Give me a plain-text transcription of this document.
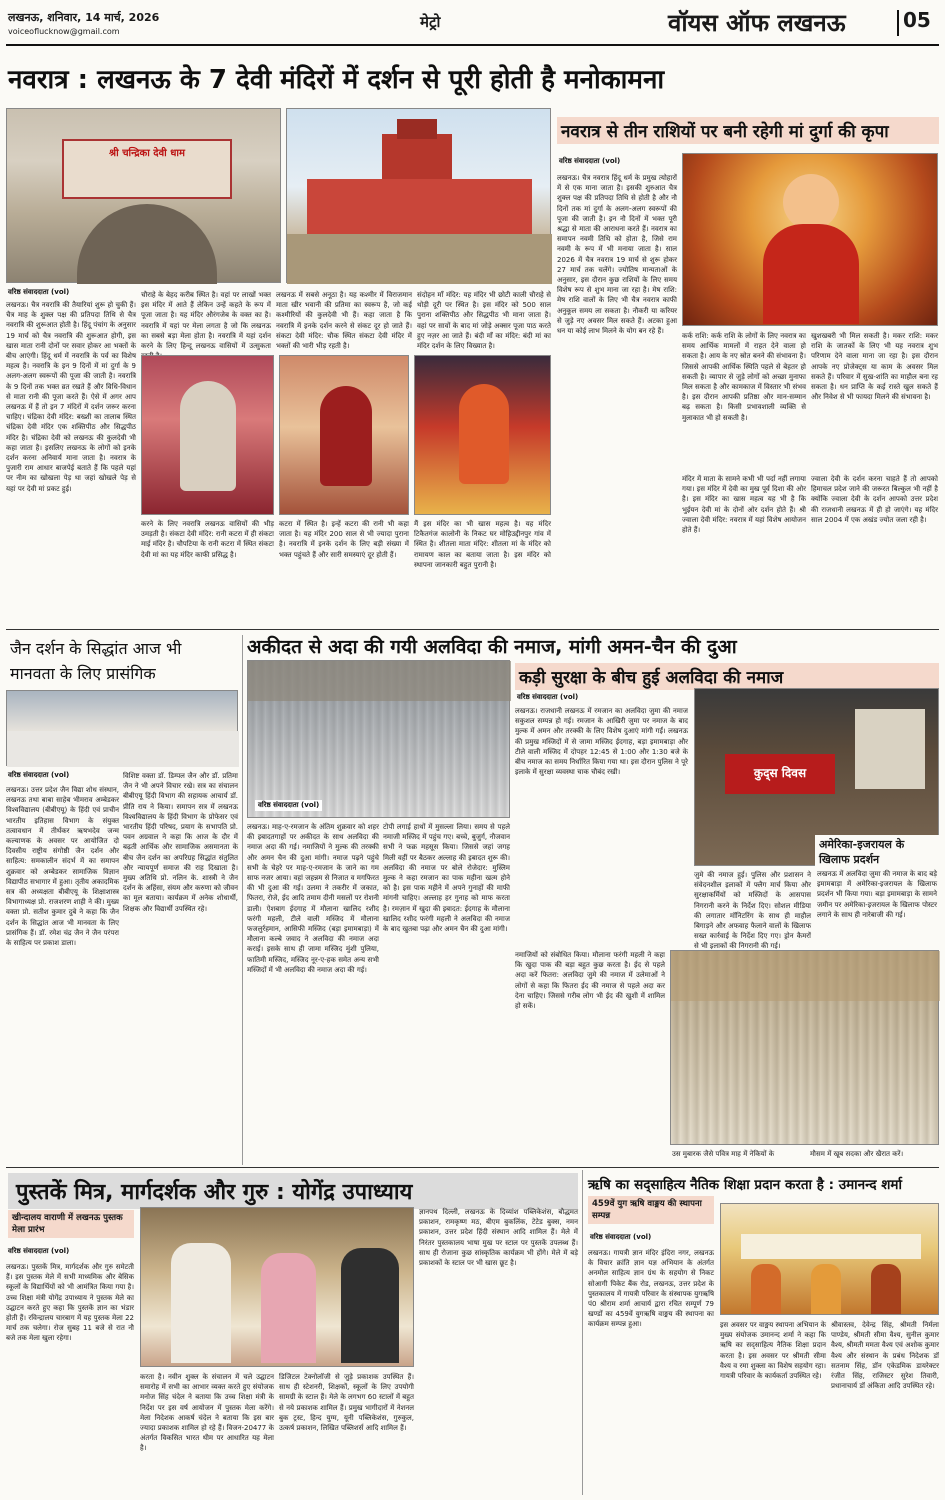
लखनऊ, शनिवार, 14 मार्च, 2026
voiceoflucknow@gmail.com
मेट्रो	वॉयस ऑफ लखनऊ	05
नवरात्र : लखनऊ के 7 देवी मंदिरों में दर्शन से पूरी होती है मनोकामना
श्री चन्द्रिका देवी धाम
नवरात्र से तीन राशियों पर बनी रहेगी मां दुर्गा की कृपा
वरिष्ठ संवाददाता (vol)
लखनऊ। चैत्र नवरात्र हिंदू धर्म के प्रमुख त्योहारों में से एक माना जाता है। इसकी शुरुआत चैत्र शुक्ल पक्ष की प्रतिपदा तिथि से होती है और नौ दिनों तक मां दुर्गा के अलग-अलग स्वरूपों की पूजा की जाती है। इन नौ दिनों में भक्त पूरी श्रद्धा से माता की आराधना करते हैं। नवरात्र का समापन नवमी तिथि को होता है, जिसे राम नवमी के रूप में भी मनाया जाता है। साल 2026 में चैत्र नवरात्र 19 मार्च से शुरू होकर 27 मार्च तक चलेंगे। ज्योतिष मान्यताओं के अनुसार, इस दौरान कुछ राशियों के लिए समय विशेष रूप से शुभ माना जा रहा है। मेष राशि: मेष राशि वालों के लिए भी चैत्र नवरात्र काफी अनुकूल समय ला सकता है। नौकरी या करियर से जुड़े नए अवसर मिल सकते हैं। अटका हुआ धन या कोई लाभ मिलने के योग बन रहे हैं।
कर्क राशि: कर्क राशि के लोगों के लिए नवरात्र का समय आर्थिक मामलों में राहत देने वाला हो सकता है। आय के नए स्रोत बनने की संभावना है। जिससे आपकी आर्थिक स्थिति पहले से बेहतर हो सकती है। व्यापार से जुड़े लोगों को अच्छा मुनाफा मिल सकता है और कामकाज में विस्तार भी संभव है। इस दौरान आपकी प्रतिष्ठा और मान-सम्मान बढ़ सकता है। किसी प्रभावशाली व्यक्ति से मुलाकात भी हो सकती है।
खुशखबरी भी मिल सकती है। मकर राशि: मकर राशि के जातकों के लिए भी यह नवरात्र शुभ परिणाम देने वाला माना जा रहा है। इस दौरान आपके नए प्रोजेक्ट्स या काम के अवसर मिल सकते हैं। परिवार में सुख-शांति का माहौल बना रह सकता है। धन प्राप्ति के कई रास्ते खुल सकते हैं और निवेश से भी फायदा मिलने की संभावना है।
मंदिर में माता के सामने कभी भी पर्दा नहीं लगाया गया। इस मंदिर में देवी का मुख पूर्व दिशा की ओर है। इस मंदिर का खास महत्व यह भी है कि भुईयन देवी मां के दोनों ओर दर्शन होते हैं। श्री ज्वाला देवी मंदिर: नवरात्र में यहां विशेष आयोजन होते हैं।
ज्वाला देवी के दर्शन करना चाहते हैं तो आपको हिमाचल प्रदेश जाने की जरूरत बिल्कुल भी नहीं है क्योंकि ज्वाला देवी के दर्शन आपको उत्तर प्रदेश की राजधानी लखनऊ में ही हो जाएंगे। यह मंदिर साल 2004 में एक अखंड ज्योत जला रही है।
वरिष्ठ संवाददाता (vol)
लखनऊ। चैत्र नवरात्रि की तैयारियां शुरू हो चुकी हैं। चैत्र माह के शुक्ल पक्ष की प्रतिपदा तिथि से चैत्र नवरात्रि की शुरूआत होती है। हिंदू पंचांग के अनुसार 19 मार्च को चैत्र नवरात्रि की शुरूआत होगी, इस खास माता रानी दोनों पर सवार होकर आ भक्तों के बीच आएंगी। हिंदू धर्म में नवरात्रि के पर्व का विशेष महत्व है। नवरात्रि के इन 9 दिनों में मां दुर्गा के 9 अलग-अलग स्वरूपों की पूजा की जाती है। नवरात्रि के 9 दिनों तक भक्त व्रत रखते हैं और विधि-विधान से माता रानी की पूजा करते हैं। ऐसे में अगर आप लखनऊ में हैं तो इन 7 मंदिरों में दर्शन जरूर करना चाहिए। चंद्रिका देवी मंदिर: बख्शी का तालाब स्थित चंद्रिका देवी मंदिर एक शक्तिपीठ और सिद्धपीठ मंदिर है। चंद्रिका देवी को लखनऊ की कुलदेवी भी कहा जाता है। इसलिए लखनऊ के लोगों को इनके दर्शन करना अनिवार्य माना जाता है। नवरात्र के पुजारी राम आधार बाजपेई बताते हैं कि पहले यहां पर नीम का खोखला पेड़ था जहां खोखले पेड़ से यहां पर देवी मां प्रकट हुई।
चौराहे के बेहद करीब स्थित है। वहां पर लाखों भक्त इस मंदिर में आते हैं लेकिन उन्हें कहते के रूप में पूजा जाता है। यह मंदिर औरंगजेब के वक्त का है। नवरात्रि में यहां पर मेला लगता है जो कि लखनऊ का सबसे बड़ा मेला होता है। नवरात्रि में यहां दर्शन करने के लिए हिन्दू लखनऊ वासियों में उत्सुकता
लखनऊ में सबसे अनूठा है। यह कश्मीर में विराजमान माता खीर भवानी की प्रतिमा का स्वरूप है, जो कई कश्मीरियों की कुलदेवी भी हैं। कहा जाता है कि नवरात्रि में इनके दर्शन करने से संकट दूर हो जाते हैं। संकटा देवी मंदिर: चौक स्थित संकटा देवी मंदिर में भक्तों की भारी भीड़ रहती है।
संदोहन माँ मंदिर: यह मंदिर भी छोटी काली चौराहे से थोड़ी दूरी पर स्थित है। इस मंदिर को 500 साल पुराना शक्तिपीठ और सिद्धपीठ भी माना जाता है। वहां पर सावों के बाद मां जोड़े अक्सर पूजा पाठ करते हुए नज़र आ जाते हैं। बंदी माँ का मंदिर: बंदी मां का मंदिर दर्शन के लिए विख्यात है।
करने के लिए नवरात्रि लखनऊ वासियों की भीड़ उमड़ती है। संकटा देवी मंदिर: रानी कटरा में ही संकटा माई मंदिर है। चौपटिया के रानी कटरा में स्थित संकटा देवी मां का यह मंदिर काफी प्रसिद्ध है।
कटरा में स्थित है। इन्हें कटरा की रानी भी कहा जाता है। यह मंदिर 200 साल से भी ज्यादा पुराना है। नवरात्रि में इनके दर्शन के लिए बड़ी संख्या में भक्त पहुंचते हैं और सारी समस्याएं दूर होती हैं।
मैं इस मंदिर का भी खास महत्व है। यह मंदिर टिकैतगंज कालोनी के निकट घर मोहिउद्दीनपुर गांव में स्थित है। शीतला माता मंदिर: शीतला मां के मंदिर को रामायण काल का बताया जाता है। इस मंदिर को स्थापना जानकारी बहुत पुरानी है।
जैन दर्शन के सिद्धांत आज भी
मानवता के लिए प्रासंगिक
वरिष्ठ संवाददाता (vol)
लखनऊ। उत्तर प्रदेश जैन विद्या शोध संस्थान, लखनऊ तथा बाबा साहेब भीमराव अम्बेडकर विश्वविद्यालय (बीबीएयू) के हिंदी एवं प्राचीन भारतीय इतिहास विभाग के संयुक्त तत्वावधान में तीर्थंकर ऋषभदेव जन्म कल्याणक के अवसर पर आयोजित दो दिवसीय राष्ट्रीय संगोष्ठी जैन दर्शन और साहित्य: समकालीन संदर्भ में का समापन शुक्रवार को अम्बेडकर सामाजिक विज्ञान विद्यापीठ सभागार में हुआ। तृतीय अकादमिक सत्र की अध्यक्षता बीबीएयू के शिक्षाशास्त्र विभागाध्यक्ष प्रो. राजशरण शाही ने की। मुख्य वक्ता प्रो. सतीश कुमार दुबे ने कहा कि जैन दर्शन के सिद्धांत आज भी मानवता के लिए प्रासंगिक हैं। डॉ. रमेश चंद्र जैन ने जैन परंपरा के साहित्य पर प्रकाश डाला।
विशिष्ट वक्ता डॉ. डिम्पल जैन और डॉ. प्रतिमा जैन ने भी अपने विचार रखे। सत्र का संचालन बीबीएयू हिंदी विभाग की सहायक आचार्य डॉ. प्रीति राय ने किया। समापन सत्र में लखनऊ विश्वविद्यालय के हिंदी विभाग के प्रोफेसर एवं भारतीय हिंदी परिषद, प्रयाग के सभापति प्रो. पवन अग्रवाल ने कहा कि आज के दौर में बढ़ती आर्थिक और सामाजिक असमानता के बीच जैन दर्शन का अपरिग्रह सिद्धांत संतुलित और न्यायपूर्ण समाज की राह दिखाता है। मुख्य अतिथि प्रो. नलिन के. शास्त्री ने जैन दर्शन के अहिंसा, संयम और करुणा को जीवन का मूल बताया। कार्यक्रम में अनेक शोधार्थी, शिक्षक और विद्यार्थी उपस्थित रहे।
अकीदत से अदा की गयी अलविदा की नमाज, मांगी अमन-चैन की दुआ
वरिष्ठ संवाददाता (vol)
लखनऊ। माह-ए-रमजान के अंतिम शुक्रवार को शहर की इबादतगाहों पर अकीदत के साथ अलविदा की नमाज अदा की गई। नमाजियों ने मुल्क की तरक्की और अमन चैन की दुआ मांगी। नमाज पढ़ने पहुंचे सभी के चेहरे पर माह-ए-रमजान के जाने का गम साफ नजर आया। वहां जहन्नम से निजात व मगफिरत की भी दुआ की गई। उलमा ने तकरीर में जकात, फितरा, रोजे, ईद आदि तमाम दीनी मसलों पर रोशनी डाली। ऐशबाग ईदगाह में मौलाना खालिद रशीद फरंगी महली, टीले वाली मस्जिद में मौलाना फजलुर्रहमान, आसिफी मस्जिद (बड़ा इमामबाड़ा) में मौलाना कल्बे जवाद ने अलविदा की नमाज अदा कराई। इसके साथ ही जामा मस्जिद मुंशी पुलिया, फातिमी मस्जिद, मस्जिद नूर-ए-हक समेत अन्य सभी मस्जिदों में भी अलविदा की नमाज अदा की गई।
टोपी लगाई हाथों में मुसल्ला लिया। समय से पहले नमाजी मस्जिद में पहुंच गए। बच्चे, बुजुर्ग, नौजवान सभी ने फक्र महसूस किया। जिससे जहां जगह मिली वहीं पर बैठकर अल्लाह की इबादत शुरू की। अलविदा की नमाज पर बोले रोजेदार: मुस्लिम मुल्क ने कहा रमजान का पाक महीना खत्म होने को है। इस पाक महीने में अपने गुनाहों की माफी मांगनी चाहिए। अल्लाह हर गुनाह को माफ करता है। रमज़ान में खुदा की इबादत: ईदगाह के मौलाना खालिद रशीद फरंगी महली ने अलविदा की नमाज के बाद खुतबा पढ़ा और अमन चैन की दुआ मांगी।
कड़ी सुरक्षा के बीच हुई अलविदा की नमाज
वरिष्ठ संवाददाता (vol)
कुद्स दिवस
लखनऊ। राजधानी लखनऊ में रमजान का अलविदा जुमा की नमाज सकुशल सम्पन्न हो गई। रमजान के आखिरी जुमा पर नमाज के बाद मुल्क में अमन और तरक्की के लिए विशेष दुआएं मांगी गईं। लखनऊ की प्रमुख मस्जिदों में से जामा मस्जिद ईदगाह, बड़ा इमामबाड़ा और टीले वाली मस्जिद में दोपहर 12:45 से 1:00 और 1:30 बजे के बीच नमाज का समय निर्धारित किया गया था। इस दौरान पुलिस ने पूरे इलाके में सुरक्षा व्यवस्था चाक चौबंद रखी।
जुमे की नमाज हुई। पुलिस और प्रशासन ने संवेदनशील इलाकों में फ्लैग मार्च किया और सुरक्षाकर्मियों को मस्जिदों के आसपास निगरानी करने के निर्देश दिए। सोशल मीडिया की लगातार मॉनिटरिंग के साथ ही माहौल बिगाड़ने और अफवाह फैलाने वालों के खिलाफ सख्त कार्रवाई के निर्देश दिए गए। ड्रोन कैमरों से भी इलाकों की निगरानी की गई।
अमेरिका-इजरायल के
खिलाफ प्रदर्शन
लखनऊ में अलविदा जुमा की नमाज के बाद बड़े इमामबाड़ा में अमेरिका-इजरायल के खिलाफ प्रदर्शन भी किया गया। बड़ा इमामबाड़ा के सामने जमीन पर अमेरिका-इजरायल के खिलाफ पोस्टर लगाने के साथ ही नारेबाजी की गई।
नमाजियों को संबोधित किया। मौलाना फरंगी महली ने कहा कि खुदा पाक की बड़ा बहुत कुछ करता है। ईद से पहले अदा करें फितरा: अलविदा जुमे की नमाज में उलेमाओं ने लोगों से कहा कि फितरा ईद की नमाज से पहले अदा कर देना चाहिए। जिससे गरीब लोग भी ईद की खुशी में शामिल हो सकें।
उस मुबारक जैसे पवित्र माह में नेकियों के	मौसम में खूब सदका और खैरात करें।
पुस्तकें मित्र, मार्गदर्शक और गुरु : योगेंद्र उपाध्याय
खीन्दालय वाराणी में लखनऊ पुस्तक मेला प्रारंभ
वरिष्ठ संवाददाता (vol)
लखनऊ। पुस्तकें मित्र, मार्गदर्शक और गुरु समेटती हैं। इस पुस्तक मेले में सभी माध्यमिक और बेसिक स्कूलों के विद्यार्थियों को भी आमंत्रित किया गया है। उच्च शिक्षा मंत्री योगेंद्र उपाध्याय ने पुस्तक मेले का उद्घाटन करते हुए कहा कि पुस्तकें ज्ञान का भंडार होती हैं। रविन्द्रालय चारबाग में यह पुस्तक मेला 22 मार्च तक चलेगा। रोज सुबह 11 बजे से रात नौ बजे तक मेला खुला रहेगा।
करता है। नवीन शुक्ल के संचालन में चले उद्घाटन समारोह में सभी का आभार व्यक्त करते हुए संयोजक मनोज सिंह चंदेल ने बताया कि उच्च शिक्षा मंत्री के निर्देश पर इस वर्ष आयोजन में पुस्तक मेला करेंगे। मेला निदेशक आकर्ष चंदेल ने बताया कि इस बार ज्यादा प्रकाशक शामिल हो रहे हैं। विजन-20477 के अंतर्गत विकसित भारत थीम पर आधारित यह मेला है।
डिजिटल टेक्नोलॉजी से जुड़े प्रकाशक उपस्थित हैं। साथ ही स्टेशनरी, शिक्षकों, स्कूलों के लिए उपयोगी सामग्री के स्टाल हैं। मेले के लगभग 60 स्टालों में बहुत से नये प्रकाशक शामिल हैं। प्रमुख भागीदारों में नेशनल बुक ट्रस्ट, हिन्द युग्म, यूनी पब्लिकेशंस, गुरुकुल, उत्कर्ष प्रकाशन, लिखित पब्लिशर्स आदि शामिल हैं।
ज्ञानपथ दिल्ली, लखनऊ के दिव्यांश पब्लिकेशंस, बौद्धमत प्रकाशन, रामकृष्ण मठ, बीएम बुकलिंक, टेटेड बुक्स, नमन प्रकाशन, उत्तर प्रदेश हिंदी संस्थान आदि शामिल हैं। मेले में निरंतर पुस्तकालय भाषा मुख पर स्टाल पर पुस्तकें उपलब्ध हैं। साथ ही रोजाना कुछ सांस्कृतिक कार्यक्रम भी होंगे। मेले में बड़े प्रकाशकों के स्टाल पर भी खास छूट है।
ऋषि का सद्साहित्य नैतिक शिक्षा प्रदान करता है : उमानन्द शर्मा
459वें युग ऋषि वाङ्मय की स्थापना सम्पन्न
वरिष्ठ संवाददाता (vol)
लखनऊ। गायत्री ज्ञान मंदिर इंदिरा नगर, लखनऊ के विचार क्रांति ज्ञान यज्ञ अभियान के अंतर्गत अनमोल साहित्य ज्ञान ग्रंथ के सहयोग से निकट सोआगी पिकेट बैंक रोड, लखनऊ, उत्तर प्रदेश के पुस्तकालय में गायत्री परिवार के संस्थापक युगऋषि पं0 श्रीराम शर्मा आचार्य द्वारा रचित सम्पूर्ण 79 खण्डों का 459वें युगऋषि वाङ्मय की स्थापना का कार्यक्रम सम्पन्न हुआ।	इस अवसर पर वाङ्मय स्थापना अभियान के मुख्य संयोजक उमानन्द शर्मा ने कहा कि ऋषि का सद्साहित्य नैतिक शिक्षा प्रदान करता है। इस अवसर पर श्रीमती सीमा वैश्य व रमा शुक्ला का विशेष सहयोग रहा। गायत्री परिवार के कार्यकर्ता उपस्थित रहे।
श्रीवास्तव, देवेन्द्र सिंह, श्रीमती निर्मला पाण्डेय, श्रीमती सीमा वैश्य, सुनील कुमार वैश्य, श्रीमती ममता वैश्य एवं अशोक कुमार वैश्य और संस्थान के प्रबंध निदेशक डॉ सतनाम सिंह, डॉन एकेडमिक डायरेक्टर रंजीत सिंह, राजिस्टर सुरेश तिवारी, प्रधानाचार्य डॉ अंकिता आदि उपस्थित रहे।
